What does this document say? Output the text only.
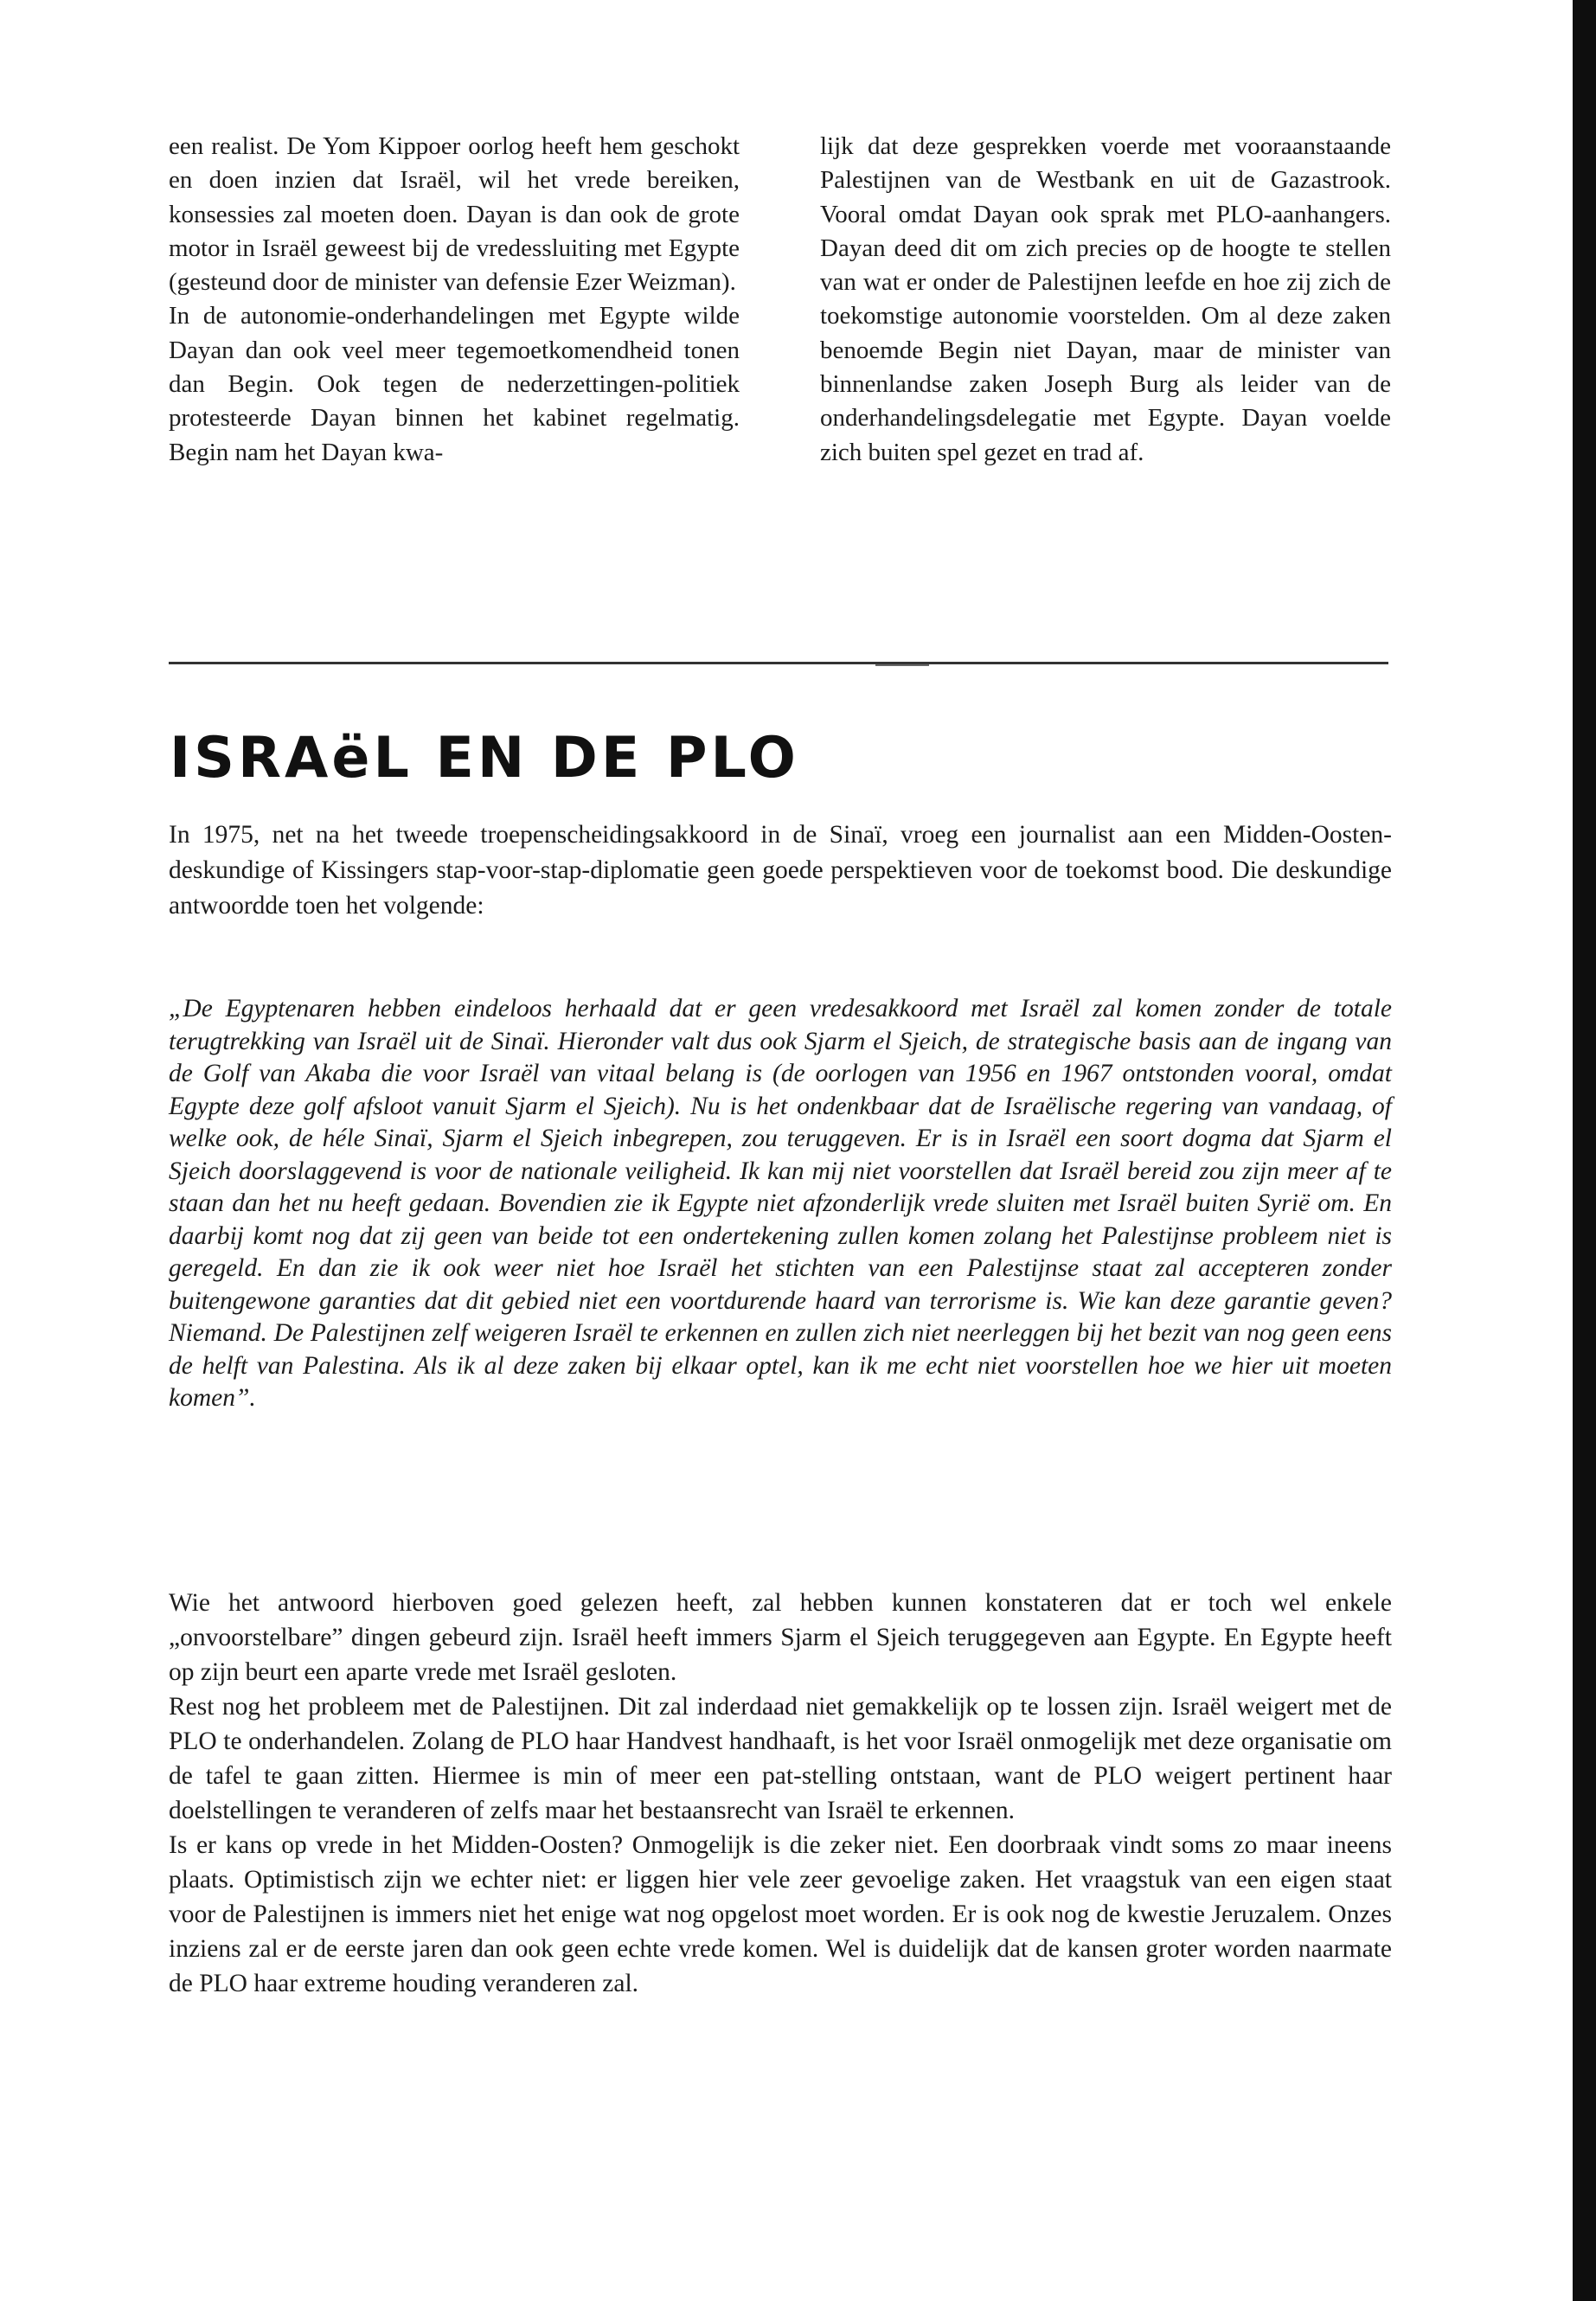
een realist. De Yom Kippoer oorlog heeft hem geschokt en doen inzien dat Israël, wil het vrede bereiken, konsessies zal moeten doen. Dayan is dan ook de grote motor in Israël geweest bij de vredessluiting met Egypte (gesteund door de minister van defensie Ezer Weizman).

In de autonomie-onderhandelingen met Egypte wilde Dayan dan ook veel meer tegemoetkomendheid tonen dan Begin. Ook tegen de nederzettingen-politiek protesteerde Dayan binnen het kabinet regelmatig. Begin nam het Dayan kwa-

lijk dat deze gesprekken voerde met vooraanstaande Palestijnen van de Westbank en uit de Gazastrook. Vooral omdat Dayan ook sprak met PLO-aanhangers. Dayan deed dit om zich precies op de hoogte te stellen van wat er onder de Palestijnen leefde en hoe zij zich de toekomstige autonomie voorstelden. Om al deze zaken benoemde Begin niet Dayan, maar de minister van binnenlandse zaken Joseph Burg als leider van de onderhandelingsdelegatie met Egypte. Dayan voelde zich buiten spel gezet en trad af.

ISRAëL EN DE PLO

In 1975, net na het tweede troepenscheidingsakkoord in de Sinaï, vroeg een journalist aan een Midden-Oosten-deskundige of Kissingers stap-voor-stap-diplomatie geen goede perspektieven voor de toekomst bood. Die deskundige antwoordde toen het volgende:

„De Egyptenaren hebben eindeloos herhaald dat er geen vredesakkoord met Israël zal komen zonder de totale terugtrekking van Israël uit de Sinaï. Hieronder valt dus ook Sjarm el Sjeich, de strategische basis aan de ingang van de Golf van Akaba die voor Israël van vitaal belang is (de oorlogen van 1956 en 1967 ontstonden vooral, omdat Egypte deze golf afsloot vanuit Sjarm el Sjeich). Nu is het ondenkbaar dat de Israëlische regering van vandaag, of welke ook, de héle Sinaï, Sjarm el Sjeich inbegrepen, zou teruggeven. Er is in Israël een soort dogma dat Sjarm el Sjeich doorslaggevend is voor de nationale veiligheid. Ik kan mij niet voorstellen dat Israël bereid zou zijn meer af te staan dan het nu heeft gedaan. Bovendien zie ik Egypte niet afzonderlijk vrede sluiten met Israël buiten Syrië om. En daarbij komt nog dat zij geen van beide tot een ondertekening zullen komen zolang het Palestijnse probleem niet is geregeld. En dan zie ik ook weer niet hoe Israël het stichten van een Palestijnse staat zal accepteren zonder buitengewone garanties dat dit gebied niet een voortdurende haard van terrorisme is. Wie kan deze garantie geven? Niemand. De Palestijnen zelf weigeren Israël te erkennen en zullen zich niet neerleggen bij het bezit van nog geen eens de helft van Palestina. Als ik al deze zaken bij elkaar optel, kan ik me echt niet voorstellen hoe we hier uit moeten komen”.

Wie het antwoord hierboven goed gelezen heeft, zal hebben kunnen konstateren dat er toch wel enkele „onvoorstelbare” dingen gebeurd zijn. Israël heeft immers Sjarm el Sjeich teruggegeven aan Egypte. En Egypte heeft op zijn beurt een aparte vrede met Israël gesloten.

Rest nog het probleem met de Palestijnen. Dit zal inderdaad niet gemakkelijk op te lossen zijn. Israël weigert met de PLO te onderhandelen. Zolang de PLO haar Handvest handhaaft, is het voor Israël onmogelijk met deze organisatie om de tafel te gaan zitten. Hiermee is min of meer een pat-stelling ontstaan, want de PLO weigert pertinent haar doelstellingen te veranderen of zelfs maar het bestaansrecht van Israël te erkennen.

Is er kans op vrede in het Midden-Oosten? Onmogelijk is die zeker niet. Een doorbraak vindt soms zo maar ineens plaats. Optimistisch zijn we echter niet: er liggen hier vele zeer gevoelige zaken. Het vraagstuk van een eigen staat voor de Palestijnen is immers niet het enige wat nog opgelost moet worden. Er is ook nog de kwestie Jeruzalem. Onzes inziens zal er de eerste jaren dan ook geen echte vrede komen. Wel is duidelijk dat de kansen groter worden naarmate de PLO haar extreme houding veranderen zal.
